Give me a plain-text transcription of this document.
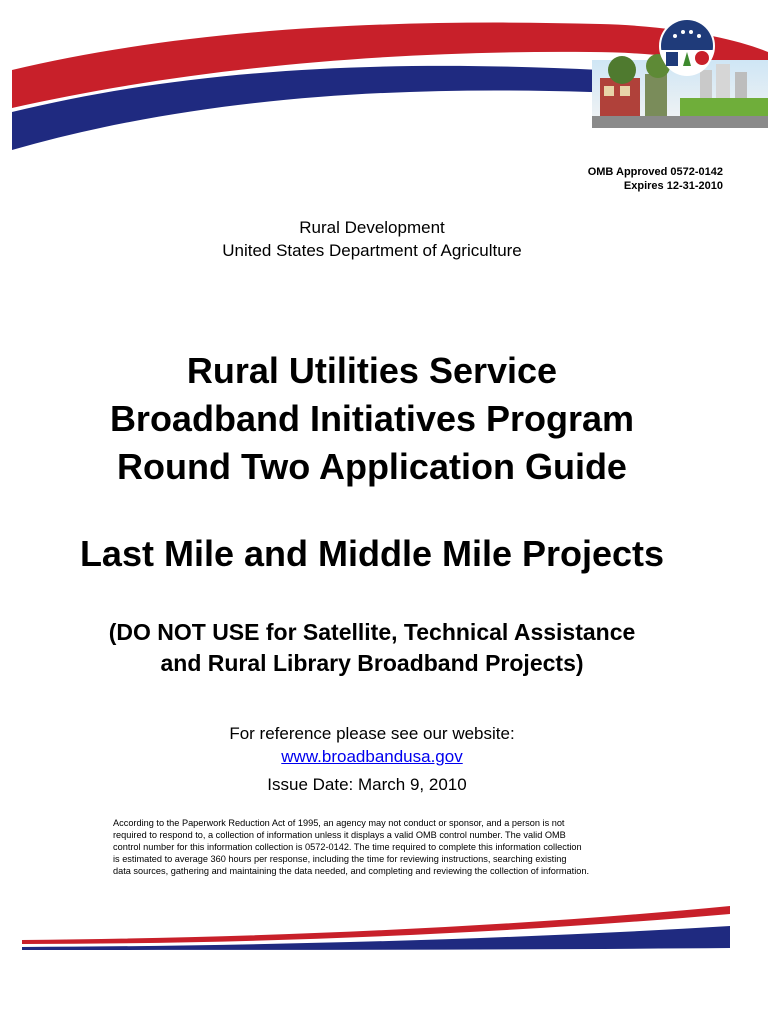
OMB Approved 0572-0142
Expires 12-31-2010
Rural Development
United States Department of Agriculture
Rural Utilities Service
Broadband Initiatives Program
Round Two Application Guide
Last Mile and Middle Mile Projects
(DO NOT USE for Satellite, Technical Assistance
and Rural Library Broadband Projects)
For reference please see our website:
www.broadbandusa.gov
Issue Date: March 9, 2010
According to the Paperwork Reduction Act of 1995, an agency may not conduct or sponsor, and a person is not
required to respond to, a collection of information unless it displays a valid OMB control number. The valid OMB
control number for this information collection is 0572-0142. The time required to complete this information collection
is estimated to average 360 hours per response, including the time for reviewing instructions, searching existing
data sources, gathering and maintaining the data needed, and completing and reviewing the collection of information.
